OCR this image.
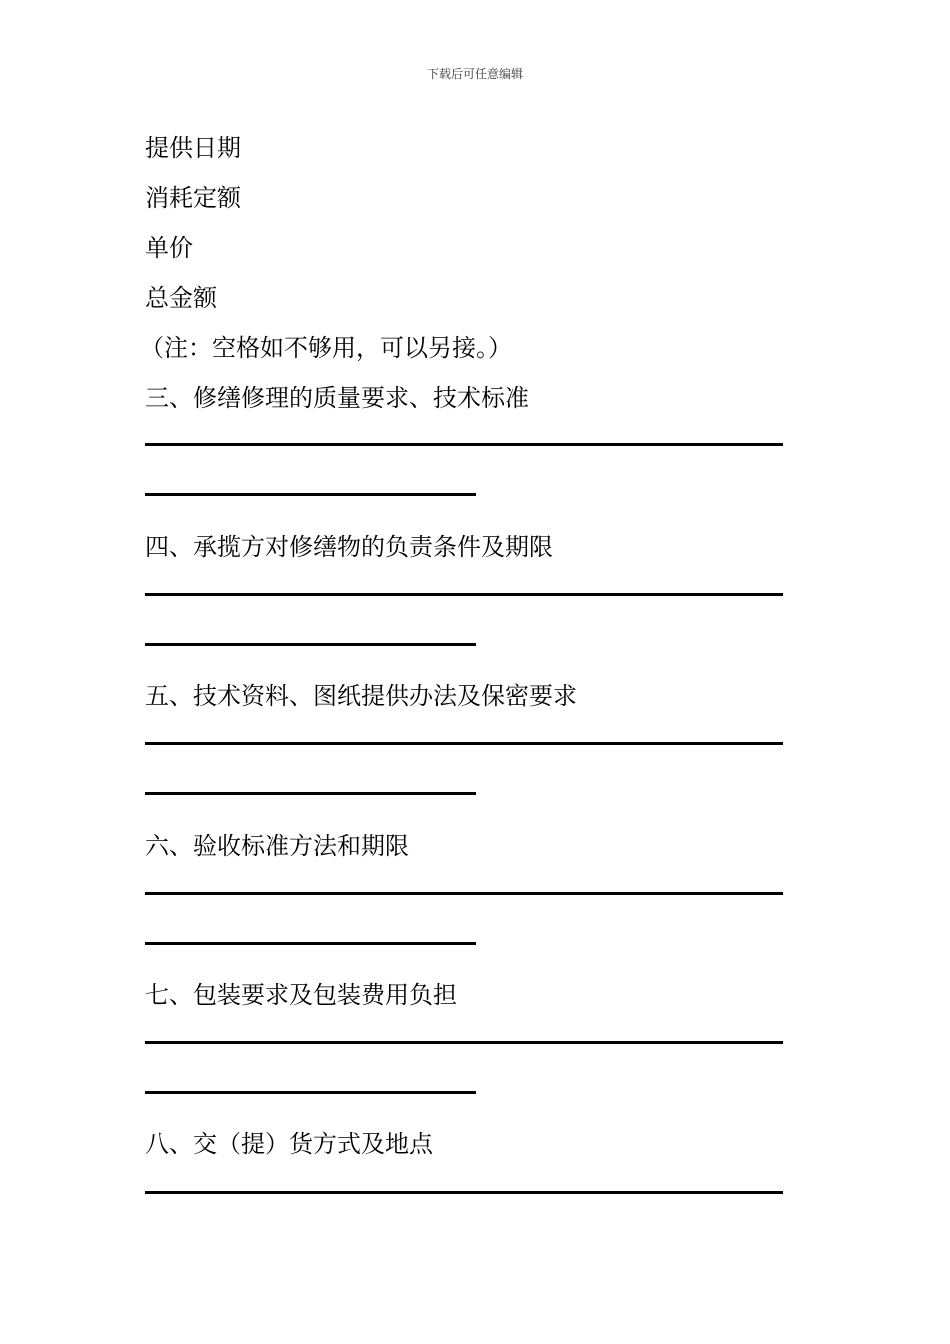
下载后可任意编辑
提供日期
消耗定额
单价
总金额
（注：空格如不够用，可以另接。）
三、修缮修理的质量要求、技术标准
四、承揽方对修缮物的负责条件及期限
五、技术资料、图纸提供办法及保密要求
六、验收标准方法和期限
七、包装要求及包装费用负担
八、交（提）货方式及地点
